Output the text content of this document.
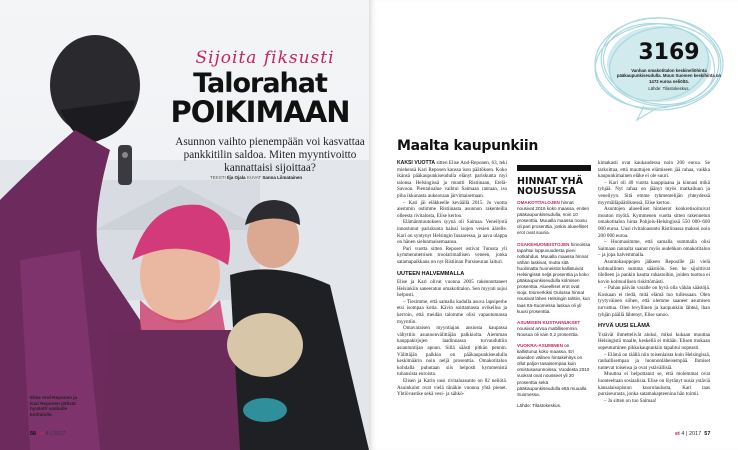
Sijoita fiksusti
Talorahat
POIKIMAAN
Asunnon vaihto pienempään voi kasvattaa pankkitilin saldoa. Miten myyntivoitto kannattaisi sijoittaa?
TEKSTI Ilja Ojala KUVAT Sanna Liimatainen
Elise And-Reponen ja Kari Reponen jättivät hyvästit vanhalle kotitalolle.
56 et 4 | 2017
3169
Vanhan omakotitalon keskineliöhinta pääkaupunkiseudulla. Muun Suomen keskihinta on 1472 euroa neliöltä.
Lähde: Tilastokeskus.
Maalta kaupunkiin

KAKSI VUOTTA sitten Elise And-Reponen, 63, teki miehensä Kari Reposen kanssa ison päätöksen. Koko ikänsä pääkaupunkiseudulla elänyt pariskunta myi talonsa Helsingissä ja muutti Ristiinaan, Etelä-Savoon. Pientaloalue vaihtui Saimaan rantaan, iso piha ikkunasta aukeavaan järvimaisemaan.

– Kari jäi eläkkeelle keväällä 2015. Jo vuotta aiemmin ostimme Ristiinasta asunnon rakenteilla olleesta rivitalosta, Elise kertoo.

Elämänmuutoksen syynä oli Saimaa. Veneilystä innostunut pariskunta halusi isojen vesien äärelle. Kari on syntynyt Helsingin Iosaaressa, ja aava ulappa on hänen sielunmaisemaansa.

Pari vuotta sitten Reposet ostivat Turusta yli kymmenmetrisen troolarimallisen veneen, jonka satamapaikkana on nyt Ristiinan Pursiseuran laituri.

UUTEEN HALVEMMALLA

Elise ja Kari olivat vuonna 2005 rakennuttaneet Helsinkiin saneeratun omakotitalon. Sen myynti sujui helposti.

– Tiesimme, että samalla kadulla asuva lapsiperhe etsi isompaa kotia. Kävin soittamassa ovikelloa ja kerroin, että meidän talomme olisi vapautumassa myyntiin.

Omavaraisen myyntiajan ansiosta kaupassa vältyttiin asunnonvälittäjän palkkiolta. Aiemman kauppakirjojen laadinnassa turvauduttiin asiantuntijan apuun. Sillä säästi pitkän pennin. Välittäjän palkkio on pääkaupunkiseudulla keskimäärin noin neljä prosenttia. Omakotitalon kohdalla puhutaan siis helposti kymmenistä tuhansista euroista.

Elisen ja Karin uusi rivitaloasunto on 82 neliötä. Asuinkulut ovat vielä tänäkin vuonna yhtä pienet. Yhtiövastike sekä vesi- ja sähkö-

HINNAT YHÄ NOUSUSSA

OMAKOTITALOJEN hinnat nousivat 2016 koko maassa, eniten pääkaupunkiseudulla, noin 10 prosenttia. Muualla maassa nousu oli pari prosenttia, joskin alueelliset erot ovat suuria.

OSAKEHUONEISTOJEN hinnoissa tapahtui loppuvuodesta pieni notkahdus. Muualla maassa hinnat vähän laskivat, mutta sitä huolimatta huoneistot kallistuivat Helsingissä neljä prosenttia ja koko pääkaupunkiseudulla kolmisen prosenttia. Alueelliset erot ovat isoja. Esimerkiksi Oulussa hinnat nousivat lähes Helsingin tahtiin, kun taas Itä-Suomessa laskua oli yli kuusi prosenttia.

ASUMISEN KUSTANNUKSET nousivat arvoa maltillisemmin. Nousua oli vain 0,2 prosenttia.

VUOKRA-ASUMINEN on kallistunut koko maassa. Eri alueiden välinen hintakehitys on ollut paljon tasaisempaa kuin omistusasunnoissa. Vuodesta 2010 vuokrat ovat nousseet yli 20 prosenttia sekä pääkaupunkiseudulla että muualla Suomessa.

Lähde: Tilastokeskus.

kimakasti ovat kaukaudessa noin 200 euroa. Se tarkoittaa, että muuttujen elämiseen jää rahaa, vaikka kaupunkimainen eläke ei ole suuri.

– Kari oli 40 vuotta kauppiaana ja kinnasi mikä tyhjää. Nyt rahaa on jäänyt myös matkailuun ja veneilyyn. Sitä emme tyhmentelijän yhteydessä myymälläpäätöksessä, Elise kertoo.

Asuntojen alueelliset hintaerot konkretisoituivat muuton myötä. Kymmenen vuotta sitten rakennetun omakotitalon hinta Pohjois-Helsingissä 550 000–600 000 euroa. Uusi rivitaloasunto Ristiinassa maksoi noin 200 000 euroa.

– Huomasimme, että samalla summalla olisi Saimaan rannalta saanut myös uudehkon omakotitalon – ja jopa halvemmalla.

Asuntokauppojen jälkeen Reposille jäi vielä kohtuullinen summa säästöön. Sen he sijoittivat tilelleen ja pankin kautta rahastoihin, joiden tuottoa ei kovin kohtuullisen riskittömästi.

– Pahan päivän varalle on hyvä olla vähän säästöjä. Koskaan ei tiedä, mitä elämä tuo tullessaan. Olen tyytyväinen siihen, että olemme saaneet asumisen turvattua. Olen levyllinen ja kaupunkiin lähteä, ihan tyhjän päällä lähtenyt, Elise sanoo.

HYVÄ UUSI ELÄMÄ

Ystävät ihmettelivät aluksi, miksi kukaan muuttaa Helsingistä maalle, keskellä ei mitään. Elisen mukaan sopeutuminen pikkukaupunkiin tapahtui nopeasti.

– Elämä on täällä niin toisenlaista kuin Helsingissä, rauhallisempaa ja luonnonläheisempää. Ihmiset tuntevat toisensa ja ovat ystävällisiä.

Muuttoa ei helpottanut se, että molemmat ovat luonteeltaan sosiaalisia. Elise on löytänyt uusia ystäviä kansalaisopiston kuorolaulusta, Kari taas pursiseurasta, jonka satamakapteenina hän toimii.

– Ja sitten on tuo Saimaa!

et 4 | 2017 57
